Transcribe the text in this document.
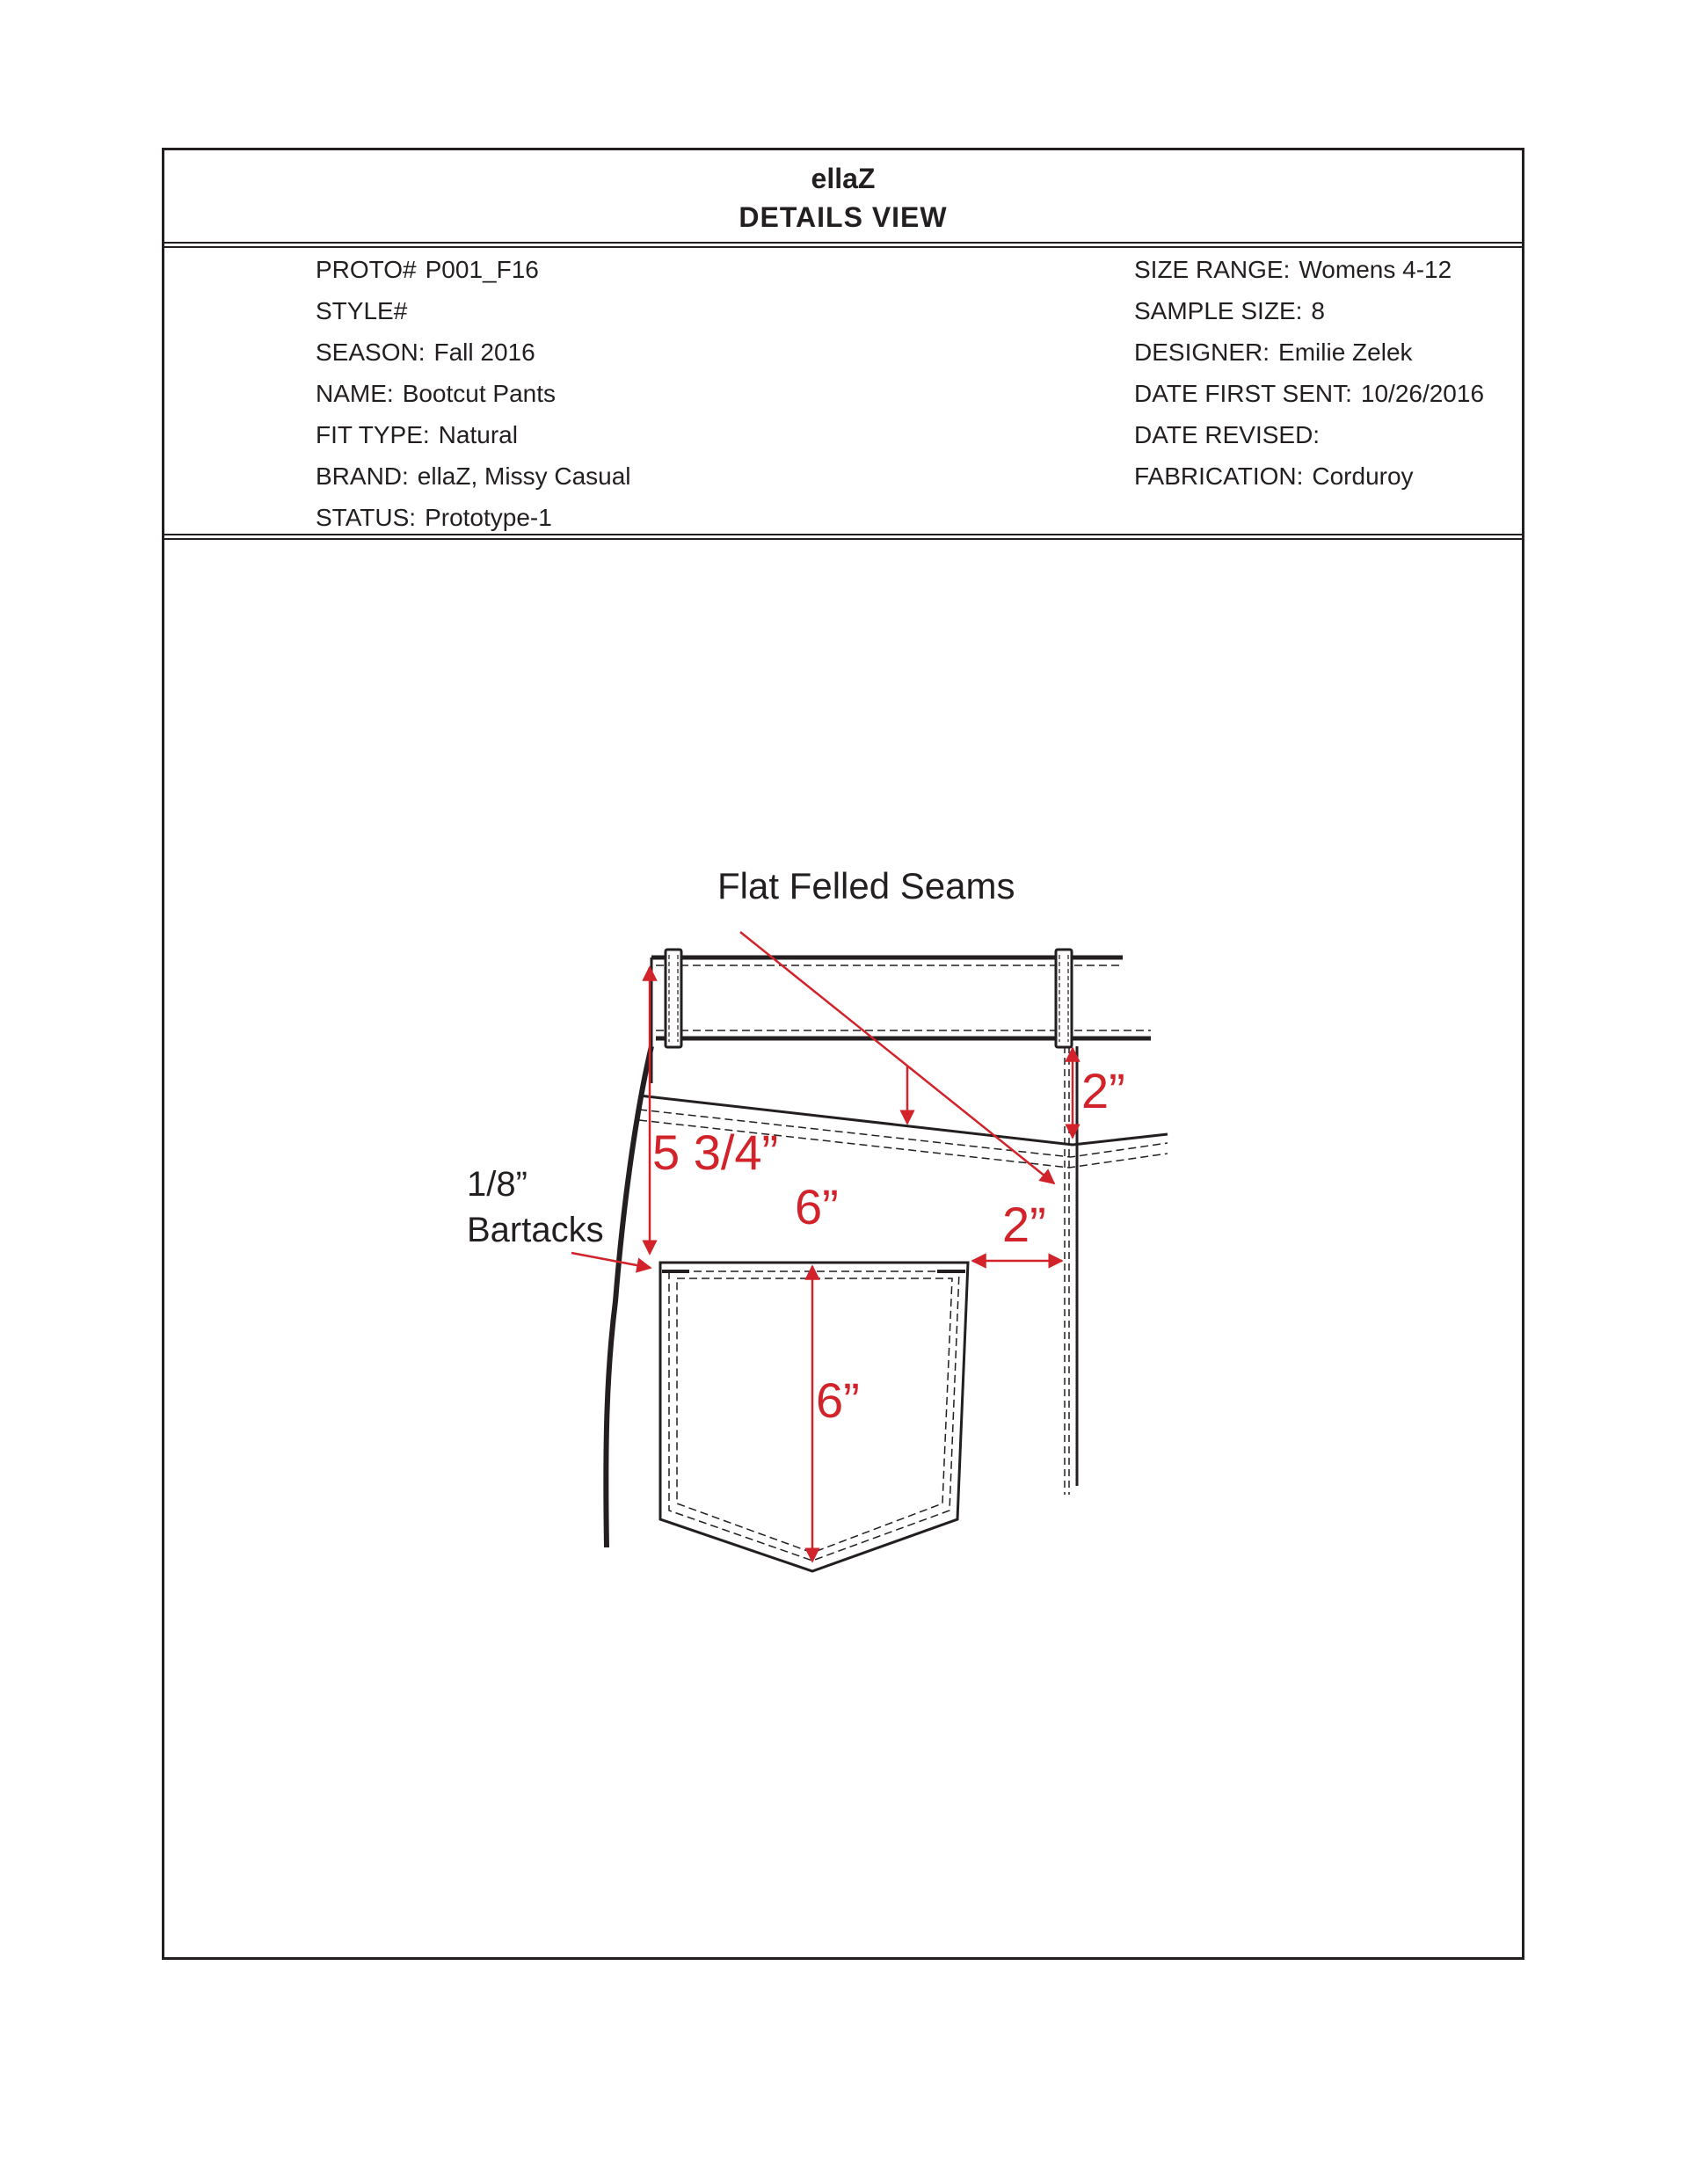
ellaZ
DETAILS VIEW
PROTO# P001_F16
STYLE#
SEASON: Fall 2016
NAME: Bootcut Pants
FIT TYPE: Natural
BRAND: ellaZ, Missy Casual
STATUS: Prototype-1
SIZE RANGE: Womens 4-12
SAMPLE SIZE: 8
DESIGNER: Emilie Zelek
DATE FIRST SENT: 10/26/2016
DATE REVISED:
FABRICATION: Corduroy
Flat Felled Seams
1/8”
Bartacks
2”
5 3/4”
6”	2”
6”
